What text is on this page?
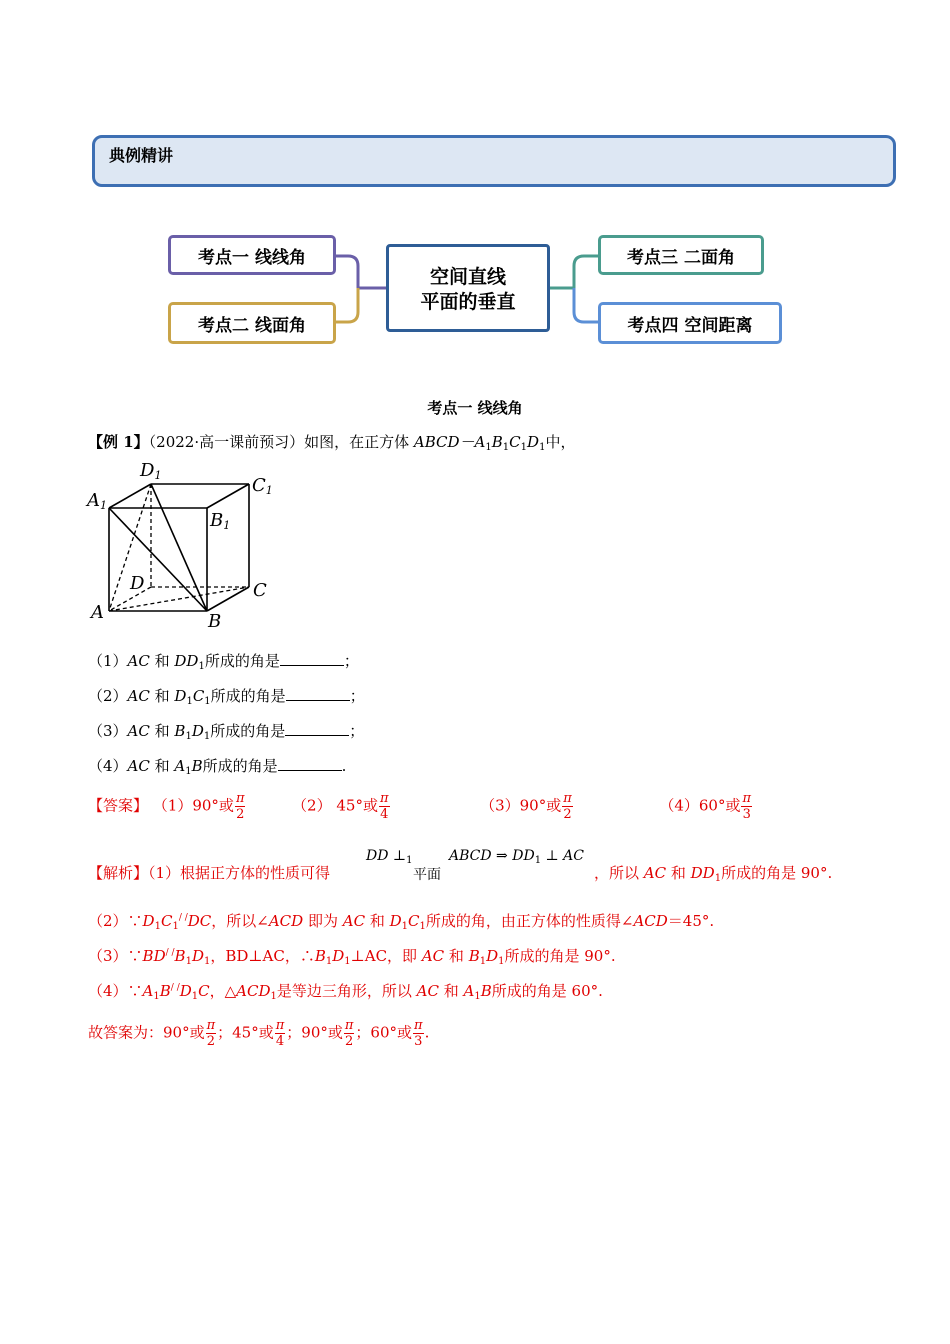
典例精讲
考点一 线线角
考点二 线面角
空间直线
平面的垂直
考点三 二面角
考点四 空间距离
考点一 线线角
【例 1】（2022·高一课前预习）如图，在正方体 $ABCD-A_1B_1C_1D_1$中，
D1
A1
C1
B1
D	C
A	B
（1）AC 和 $DD_1$所成的角是	；
（2）AC 和 $D_1C_1$所成的角是	；
（3）AC 和 $B_1D_1$所成的角是	；
（4）AC 和 $A_1B$所成的角是	.
【答案】 （1）90°或 $\frac{\pi}{2}$	（2） 45°或 $\frac{\pi}{4}$	（3）90°或 $\frac{\pi}{2}$	（4）60°或 $\frac{\pi}{3}$
【解析】（1）根据正方体的性质可得
DD $\perp_1$
平面
ABCD ⇒ $DD_1$ ⊥ AC
，所以 AC 和 $DD_1$所成的角是 90°.
$(2)\because D_1C_1^{/ /}DC$，所以∠ACD 即为 AC 和 $D_1C_1$所成的角，由正方体的性质得∠ACD＝45°.
$(3)\because BD^{/ /}B_1D_1$，BD⊥AC，$\therefore B_1D_1\perp AC$，即 AC 和 $B_1D_1$所成的角是 90°.
$(4)\because A_1B^{/ /}D_1C$，$\triangle ACD_1$是等边三角形，所以 AC 和 $A_1B$所成的角是 60°.
故答案为：90°或 $\frac{\pi}{2}$ ；45°或 $\frac{\pi}{4}$ ；90°或 $\frac{\pi}{2}$ ；60°或 $\frac{\pi}{3}$ .
